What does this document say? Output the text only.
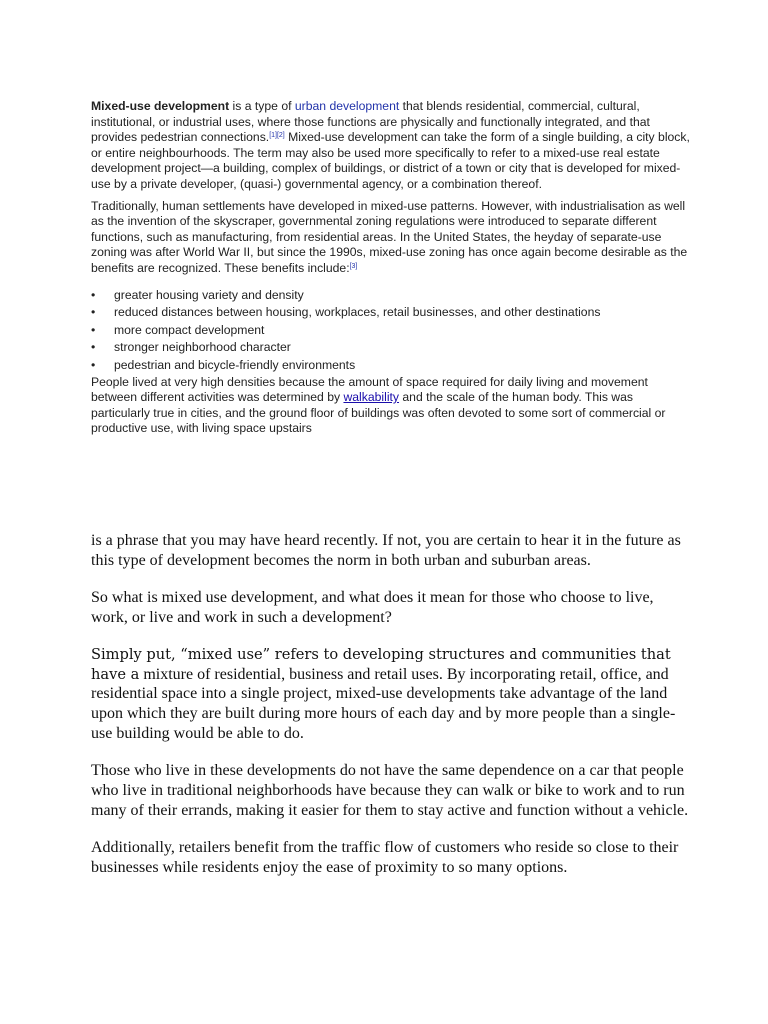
Mixed-use development is a type of urban development that blends residential, commercial, cultural, institutional, or industrial uses, where those functions are physically and functionally integrated, and that provides pedestrian connections.[1][2] Mixed-use development can take the form of a single building, a city block, or entire neighbourhoods. The term may also be used more specifically to refer to a mixed-use real estate development project—a building, complex of buildings, or district of a town or city that is developed for mixed-use by a private developer, (quasi-) governmental agency, or a combination thereof.

Traditionally, human settlements have developed in mixed-use patterns. However, with industrialisation as well as the invention of the skyscraper, governmental zoning regulations were introduced to separate different functions, such as manufacturing, from residential areas. In the United States, the heyday of separate-use zoning was after World War II, but since the 1990s, mixed-use zoning has once again become desirable as the benefits are recognized. These benefits include:[3]

• greater housing variety and density
• reduced distances between housing, workplaces, retail businesses, and other destinations
• more compact development
• stronger neighborhood character
• pedestrian and bicycle-friendly environments

People lived at very high densities because the amount of space required for daily living and movement between different activities was determined by walkability and the scale of the human body. This was particularly true in cities, and the ground floor of buildings was often devoted to some sort of commercial or productive use, with living space upstairs

is a phrase that you may have heard recently. If not, you are certain to hear it in the future as this type of development becomes the norm in both urban and suburban areas.

So what is mixed use development, and what does it mean for those who choose to live, work, or live and work in such a development?

Simply put, “mixed use” refers to developing structures and communities that have a mixture of residential, business and retail uses. By incorporating retail, office, and residential space into a single project, mixed-use developments take advantage of the land upon which they are built during more hours of each day and by more people than a single-use building would be able to do.

Those who live in these developments do not have the same dependence on a car that people who live in traditional neighborhoods have because they can walk or bike to work and to run many of their errands, making it easier for them to stay active and function without a vehicle.

Additionally, retailers benefit from the traffic flow of customers who reside so close to their businesses while residents enjoy the ease of proximity to so many options.
